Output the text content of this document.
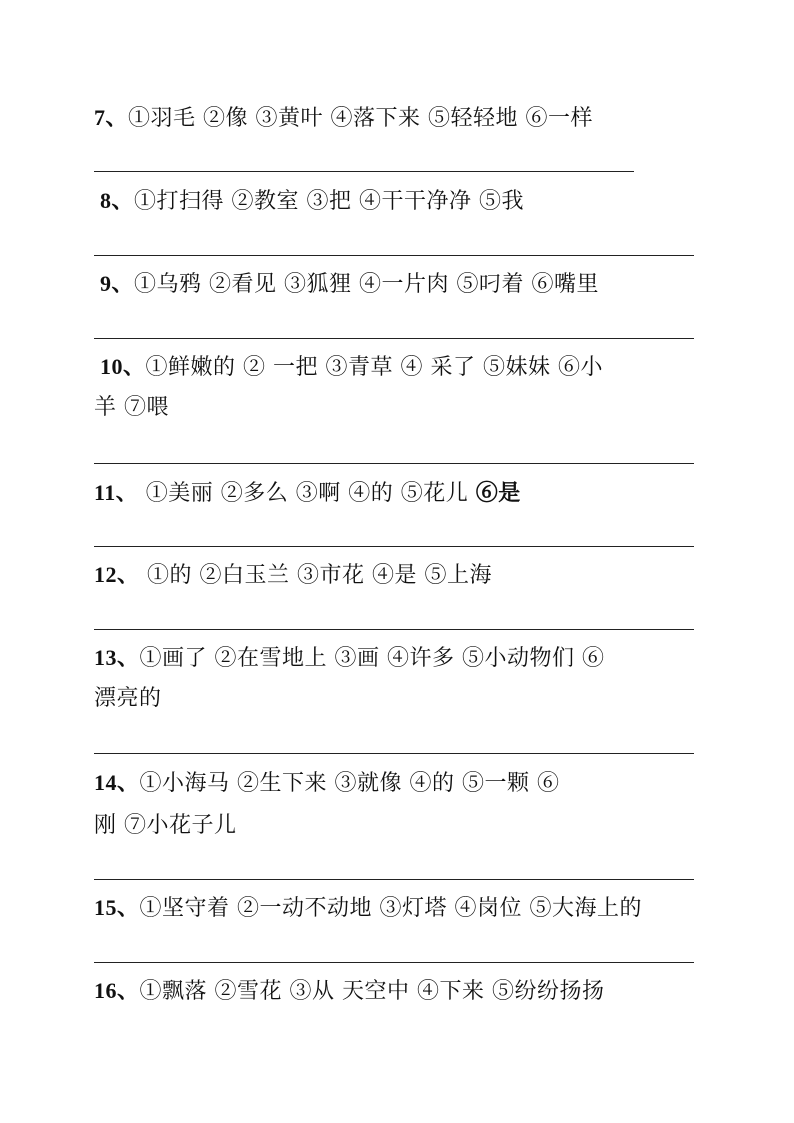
7、①羽毛 ②像 ③黄叶 ④落下来 ⑤轻轻地 ⑥一样
8、①打扫得 ②教室 ③把 ④干干净净 ⑤我
9、①乌鸦 ②看见 ③狐狸 ④一片肉 ⑤叼着 ⑥嘴里
10、①鲜嫩的 ② 一把 ③青草 ④ 采了 ⑤妹妹 ⑥小
羊 ⑦喂
11、 ①美丽 ②多么 ③啊 ④的 ⑤花儿 ⑥是
12、 ①的 ②白玉兰 ③市花 ④是 ⑤上海
13、①画了 ②在雪地上 ③画 ④许多 ⑤小动物们 ⑥
漂亮的
14、①小海马 ②生下来 ③就像 ④的 ⑤一颗 ⑥
刚 ⑦小花子儿
15、①坚守着 ②一动不动地 ③灯塔 ④岗位 ⑤大海上的
16、①飘落 ②雪花 ③从 天空中 ④下来 ⑤纷纷扬扬
